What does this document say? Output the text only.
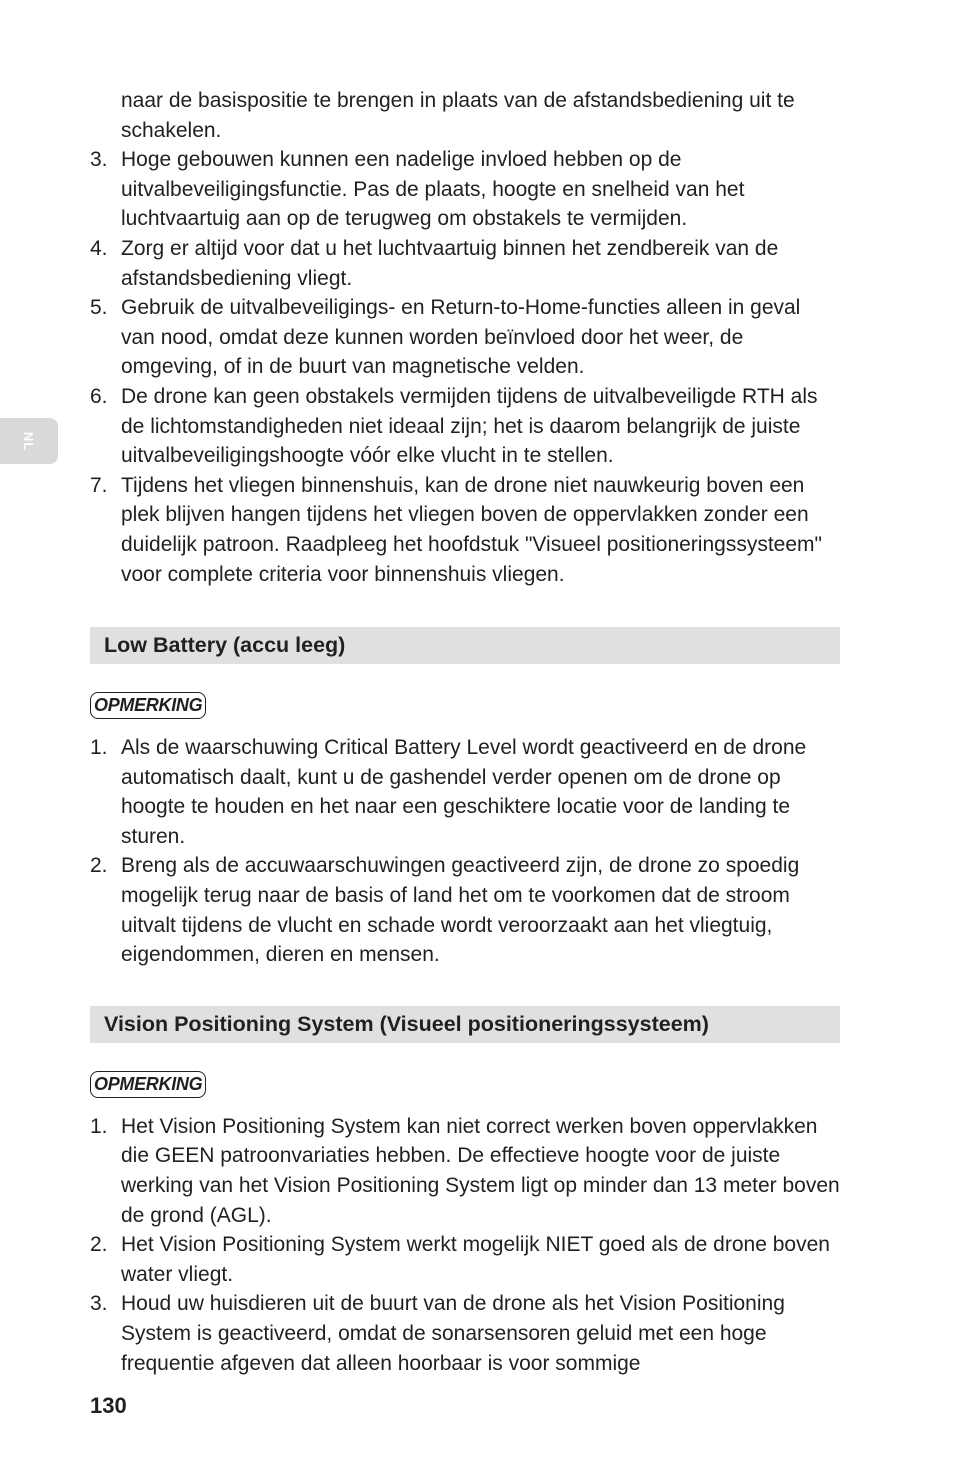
NL
naar de basispositie te brengen in plaats van de afstandsbediening uit te schakelen.
3. Hoge gebouwen kunnen een nadelige invloed hebben op de uitvalbeveiligingsfunctie. Pas de plaats, hoogte en snelheid van het luchtvaartuig aan op de terugweg om obstakels te vermijden.
4. Zorg er altijd voor dat u het luchtvaartuig binnen het zendbereik van de afstandsbediening vliegt.
5. Gebruik de uitvalbeveiligings- en Return-to-Home-functies alleen in geval van nood, omdat deze kunnen worden beïnvloed door het weer, de omgeving, of in de buurt van magnetische velden.
6. De drone kan geen obstakels vermijden tijdens de uitvalbeveiligde RTH als de lichtomstandigheden niet ideaal zijn; het is daarom belangrijk de juiste uitvalbeveiligingshoogte vóór elke vlucht in te stellen.
7. Tijdens het vliegen binnenshuis, kan de drone niet nauwkeurig boven een plek blijven hangen tijdens het vliegen boven de oppervlakken zonder een duidelijk patroon. Raadpleeg het hoofdstuk "Visueel positioneringssysteem" voor complete criteria voor binnenshuis vliegen.
Low Battery (accu leeg)
OPMERKING
1. Als de waarschuwing Critical Battery Level wordt geactiveerd en de drone automatisch daalt, kunt u de gashendel verder openen om de drone op hoogte te houden en het naar een geschiktere locatie voor de landing te sturen.
2. Breng als de accuwaarschuwingen geactiveerd zijn, de drone zo spoedig mogelijk terug naar de basis of land het om te voorkomen dat de stroom uitvalt tijdens de vlucht en schade wordt veroorzaakt aan het vliegtuig, eigendommen, dieren en mensen.
Vision Positioning System (Visueel positioneringssysteem)
OPMERKING
1. Het Vision Positioning System kan niet correct werken boven oppervlakken die GEEN patroonvariaties hebben. De effectieve hoogte voor de juiste werking van het Vision Positioning System ligt op minder dan 13 meter boven de grond (AGL).
2. Het Vision Positioning System werkt mogelijk NIET goed als de drone boven water vliegt.
3. Houd uw huisdieren uit de buurt van de drone als het Vision Positioning System is geactiveerd, omdat de sonarsensoren geluid met een hoge frequentie afgeven dat alleen hoorbaar is voor sommige
130
